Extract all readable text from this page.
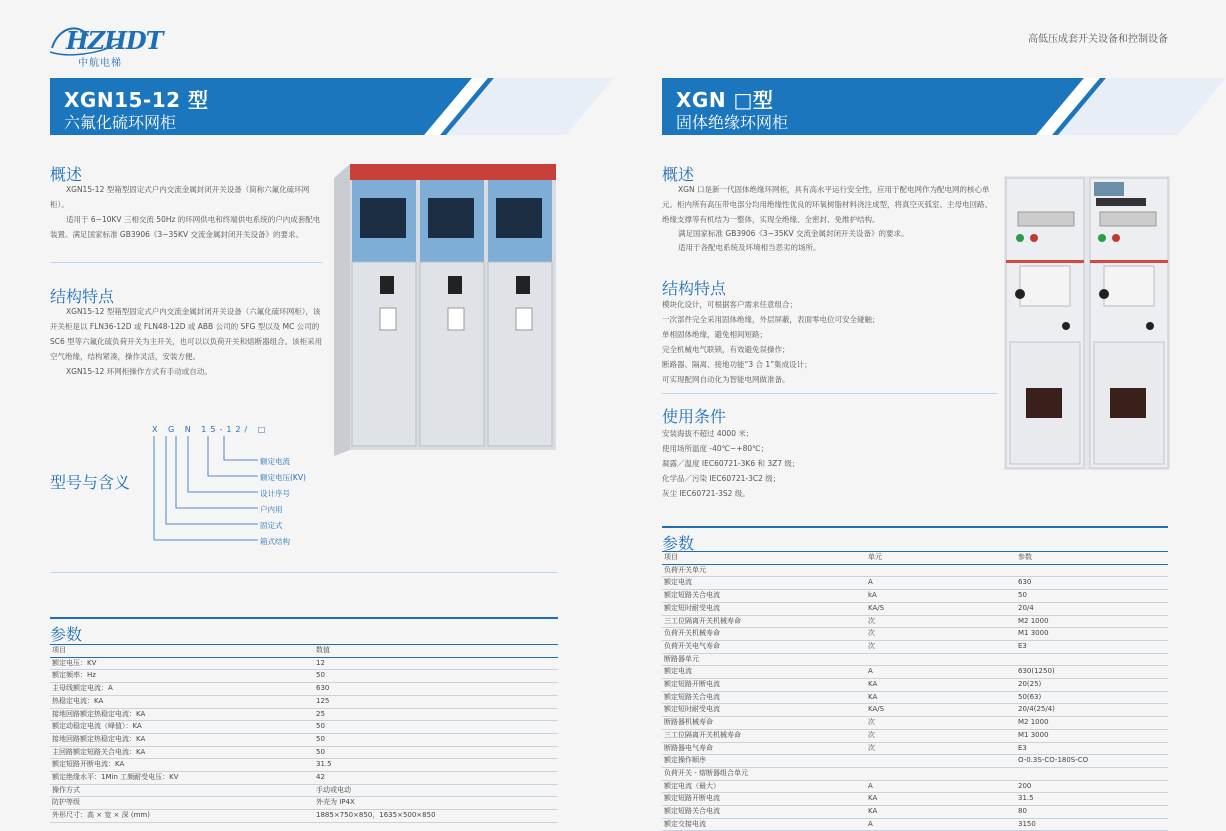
HZHDT
中航电梯
高低压成套开关设备和控制设备
XGN15-12 型
六氟化硫环网柜
XGN □型
固体绝缘环网柜
概述
XGN15-12 型箱型固定式户内交流金属封闭开关设备（简称六氟化硫环网柜）。
适用于 6~10KV 三相交流 50Hz 的环网供电和终端供电系统的户内成套配电装置。满足国家标准 GB3906《3~35KV 交流金属封闭开关设备》的要求。
结构特点
XGN15-12 型箱型固定式户内交流金属封闭开关设备（六氟化硫环网柜），该开关柜是以 FLN36-12D 或 FLN48-12D 或 ABB 公司的 SFG 型以及 MC 公司的 SC6 型等六氟化硫负荷开关为主开关，也可以以负荷开关和熔断器组合。该柜采用空气绝缘，结构紧凑，操作灵活，安装方便。
XGN15-12 环网柜操作方式有手动或自动。
型号与含义
X G N 15-12/ □
额定电流
额定电压(KV)
设计序号
户内用
固定式
箱式结构
参数
项目	数值
额定电压：KV	12
额定频率：Hz	50
主母线额定电流：A	630
热稳定电流：KA	125
接地回路额定热稳定电流：KA	25
额定动稳定电流（峰值）：KA	50
接地回路额定热稳定电流：KA	50
主回路额定短路关合电流：KA	50
额定短路开断电流：KA	31.5
额定绝缘水平：1Min 工频耐受电压：KV	42
操作方式	手动或电动
防护等级	外壳为 IP4X
外形尺寸：高 × 宽 × 深 (mm)	1885×750×850，1635×500×850
概述
XGN 口是新一代固体绝缘环网柜，具有高水平运行安全性，应用于配电网作为配电网的核心单元。柜内所有高压带电部分均用绝缘性优良的环氧树脂材料浇注成型，将真空灭弧室、主母电回路、绝缘支撑等有机结为一整体，实现全绝缘、全密封、免维护结构。
满足国家标准 GB3906《3~35KV 交流金属封闭开关设备》的要求。
适用于各配电系统及环境相当恶劣的场所。
结构特点
模块化设计，可根据客户需求任意组合；
一次部件完全采用固体绝缘，外层屏蔽，表面零电位可安全碰触；
单相固体绝缘，避免相间短路；
完全机械电气联锁，有效避免误操作；
断路器、隔离、接地功能“3 合 1”集成设计；
可实现配网自动化为智能电网做准备。
使用条件
安装海拔不超过 4000 米；
使用场所温度 -40℃~+80℃；
凝露／温度 IEC60721-3K6 和 3Z7 级；
化学品／污染 IEC60721-3C2 级；
灰尘 IEC60721-3S2 级。
参数
项目	单元	参数
负荷开关单元		
额定电流	A	630
额定短路关合电流	kA	50
额定短时耐受电流	KA/S	20/4
三工位隔离开关机械寿命	次	M2 1000
负荷开关机械寿命	次	M1 3000
负荷开关电气寿命	次	E3
断路器单元		
额定电流	A	630(1250)
额定短路开断电流	KA	20(25)
额定短路关合电流	KA	50(63)
额定短时耐受电流	KA/S	20/4(25/4)
断路器机械寿命	次	M2 1000
三工位隔离开关机械寿命	次	M1 3000
断路器电气寿命	次	E3
额定操作顺序		O-0.3S-CO-180S-CO
负荷开关 - 熔断器组合单元		
额定电流（最大）	A	200
额定短路开断电流	KA	31.5
额定短路关合电流	KA	80
额定交接电流	A	3150
